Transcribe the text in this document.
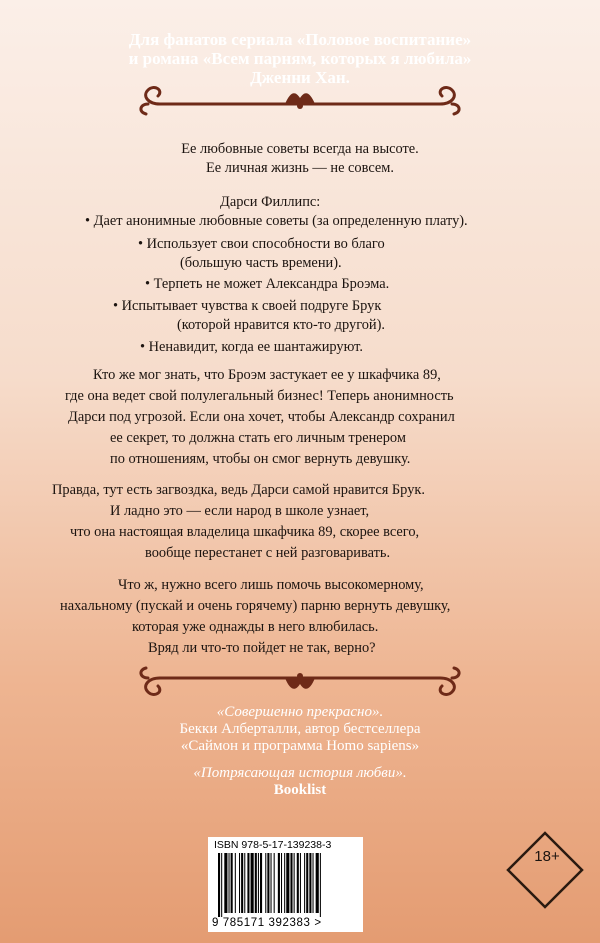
Для фанатов сериала «Половое воспитание»
и романа «Всем парням, которых я любила»
Дженни Хан.
Ее любовные советы всегда на высоте.
Ее личная жизнь — не совсем.
Дарси Филлипс:
• Дает анонимные любовные советы (за определенную плату).
• Использует свои способности во благо
(большую часть времени).
• Терпеть не может Александра Броэма.
• Испытывает чувства к своей подруге Брук
(которой нравится кто-то другой).
• Ненавидит, когда ее шантажируют.
Кто же мог знать, что Броэм застукает ее у шкафчика 89,
где она ведет свой полулегальный бизнес! Теперь анонимность
Дарси под угрозой. Если она хочет, чтобы Александр сохранил
ее секрет, то должна стать его личным тренером
по отношениям, чтобы он смог вернуть девушку.
Правда, тут есть загвоздка, ведь Дарси самой нравится Брук.
И ладно это — если народ в школе узнает,
что она настоящая владелица шкафчика 89, скорее всего,
вообще перестанет с ней разговаривать.
Что ж, нужно всего лишь помочь высокомерному,
нахальному (пускай и очень горячему) парню вернуть девушку,
которая уже однажды в него влюбилась.
Вряд ли что-то пойдет не так, верно?
«Совершенно прекрасно».
Бекки Алберталли, автор бестселлера
«Саймон и программа Homo sapiens»
«Потрясающая история любви».
Booklist
ISBN 978-5-17-139238-3
9 785171 392383 >
18+
